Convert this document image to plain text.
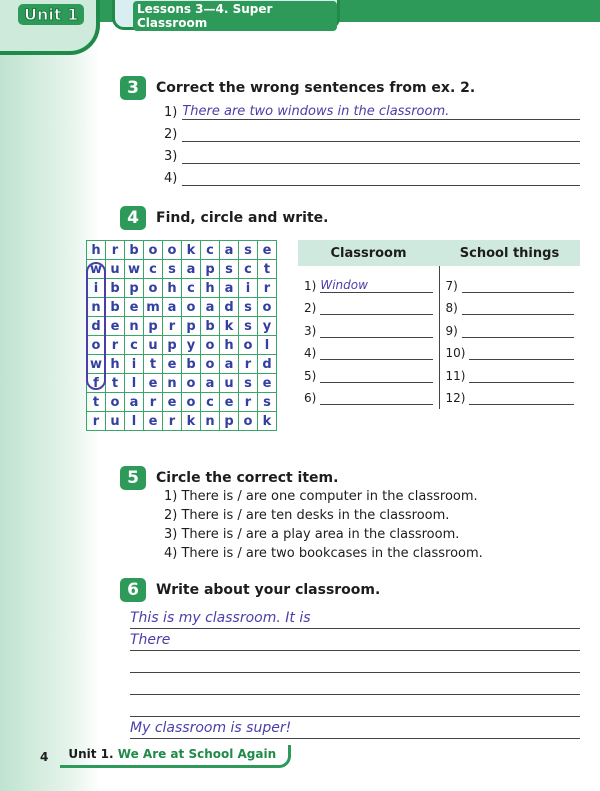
Unit 1	Lessons 3—4. Super Classroom
3	Correct the wrong sentences from ex. 2.
1) There are two windows in the classroom.
2)
3)
4)
4	Find, circle and write.
h	r	b	o	o	k	c	a	s	e
w	u	w	c	s	a	p	s	c	t
i	b	p	o	h	c	h	a	i	r
n	b	e	m	a	o	a	d	s	o
d	e	n	p	r	p	b	k	s	y
o	r	c	u	p	y	o	h	o	l
w	h	i	t	e	b	o	a	r	d
f	t	l	e	n	o	a	u	s	e
t	o	a	r	e	o	c	e	r	s
r	u	l	e	r	k	n	p	o	k
Classroom	School things
1) Window
2)
3)
4)
5)
6)
7)
8)
9)
10)
11)
12)
5	Circle the correct item.
1) There is / are one computer in the classroom.
2) There is / are ten desks in the classroom.
3) There is / are a play area in the classroom.
4) There is / are two bookcases in the classroom.
6	Write about your classroom.
This is my classroom. It is
There
My classroom is super!
4	Unit 1. We Are at School Again
